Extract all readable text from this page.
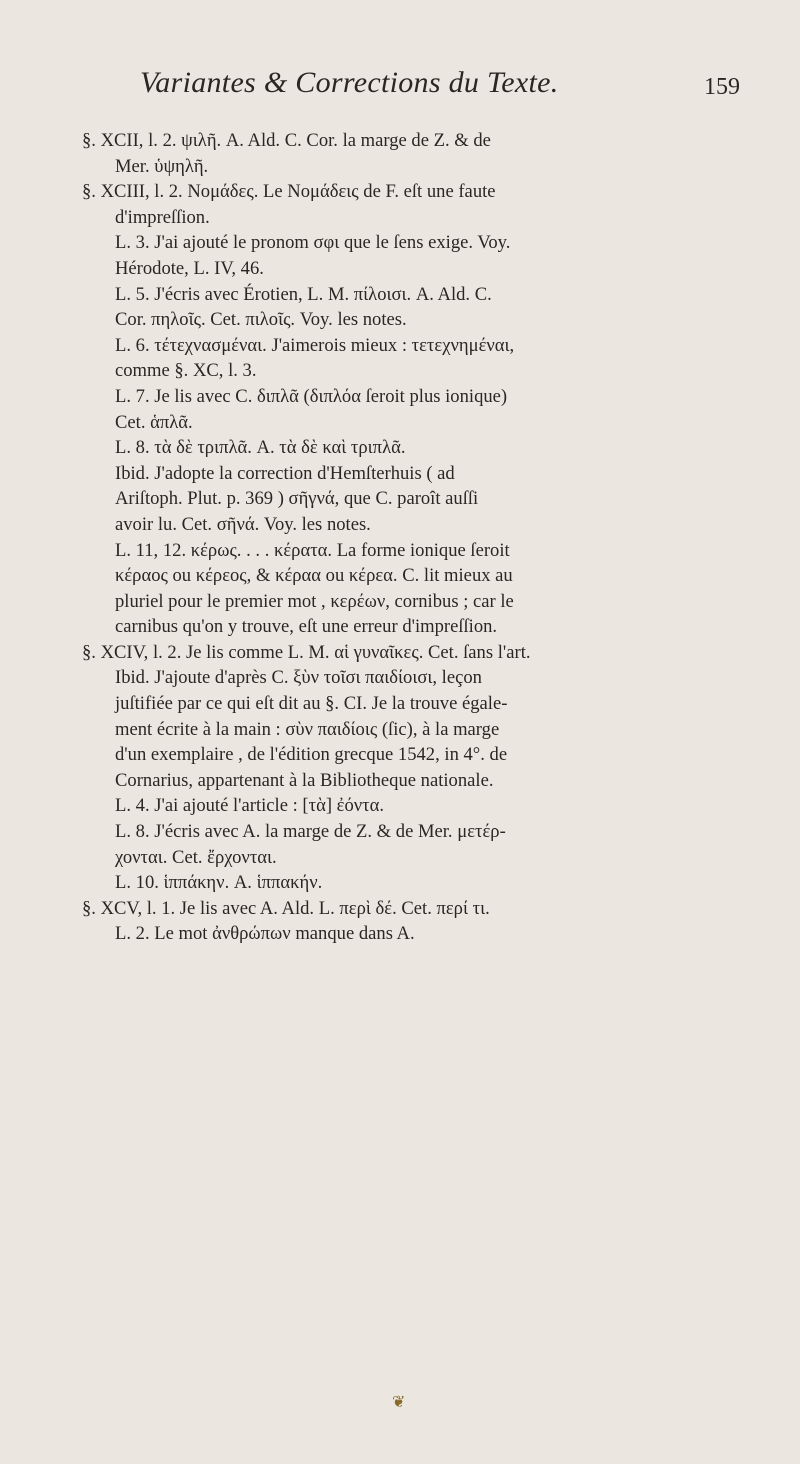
Variantes & Corrections du Texte.	159
§. XCII, l. 2. ψιλῆ. A. Ald. C. Cor. la marge de Z. & de
Mer. ὑψηλῆ.
§. XCIII, l. 2. Νομάδες. Le Νομάδεις de F. eſt une faute
d'impreſſion.
L. 3. J'ai ajouté le pronom σφι que le ſens exige. Voy.
Hérodote, L. IV, 46.
L. 5. J'écris avec Érotien, L. M. πίλοισι. A. Ald. C.
Cor. πηλοῖς. Cet. πιλοῖς. Voy. les notes.
L. 6. τέτεχνασμέναι. J'aimerois mieux : τετεχνημέναι,
comme §. XC, l. 3.
L. 7. Je lis avec C. διπλᾶ (διπλόα ſeroit plus ionique)
Cet. ἁπλᾶ.
L. 8. τὰ δὲ τριπλᾶ. A. τὰ δὲ καὶ τριπλᾶ.
Ibid. J'adopte la correction d'Hemſterhuis ( ad
Ariſtoph. Plut. p. 369 ) σῆγνά, que C. paroît auſſi
avoir lu. Cet. σῆνά. Voy. les notes.
L. 11, 12. κέρως. . . . κέρατα. La forme ionique ſeroit
κέραος ou κέρεος, & κέραα ou κέρεα. C. lit mieux au
pluriel pour le premier mot , κερέων, cornibus ; car le
carnibus qu'on y trouve, eſt une erreur d'impreſſion.
§. XCIV, l. 2. Je lis comme L. M. αἱ γυναῖκες. Cet. ſans l'art.
Ibid. J'ajoute d'après C. ξὺν τοῖσι παιδίοισι, leçon
juſtifiée par ce qui eſt dit au §. CI. Je la trouve égale-
ment écrite à la main : σὺν παιδίοις (ſic), à la marge
d'un exemplaire , de l'édition grecque 1542, in 4°. de
Cornarius, appartenant à la Bibliotheque nationale.
L. 4. J'ai ajouté l'article : [τὰ] ἐόντα.
L. 8. J'écris avec A. la marge de Z. & de Mer. μετέρ-
χονται. Cet. ἔρχονται.
L. 10. ἱππάκην. A. ἱππακήν.
§. XCV, l. 1. Je lis avec A. Ald. L. περὶ δέ. Cet. περί τι.
L. 2. Le mot ἀνθρώπων manque dans A.
❦
